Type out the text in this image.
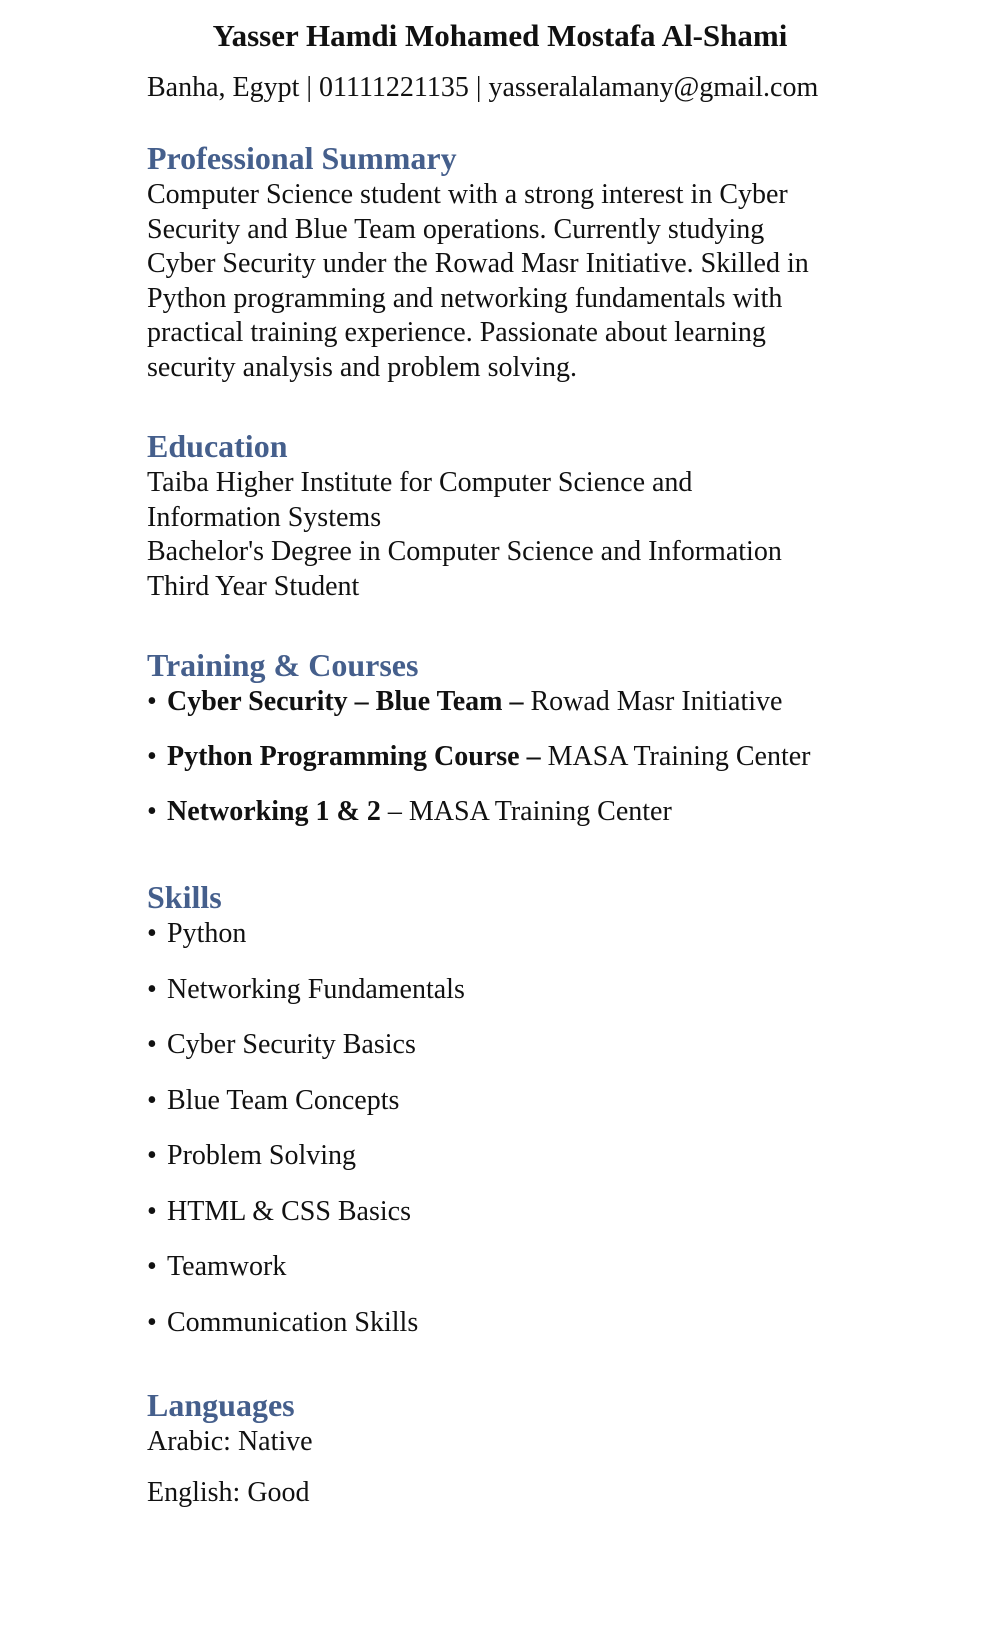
Yasser Hamdi Mohamed Mostafa Al-Shami

Banha, Egypt | 01111221135 | yasseralalamany@gmail.com

Professional Summary

Computer Science student with a strong interest in Cyber

Security and Blue Team operations. Currently studying

Cyber Security under the Rowad Masr Initiative. Skilled in

Python programming and networking fundamentals with

practical training experience. Passionate about learning

security analysis and problem solving.

Education

Taiba Higher Institute for Computer Science and

Information Systems

Bachelor's Degree in Computer Science and Information

Third Year Student

Training & Courses
• Cyber Security – Blue Team – Rowad Masr Initiative
• Python Programming Course – MASA Training Center
• Networking 1 & 2 – MASA Training Center
Skills
• Python
• Networking Fundamentals
• Cyber Security Basics
• Blue Team Concepts
• Problem Solving
• HTML & CSS Basics
• Teamwork
• Communication Skills
Languages

Arabic: Native

English: Good
